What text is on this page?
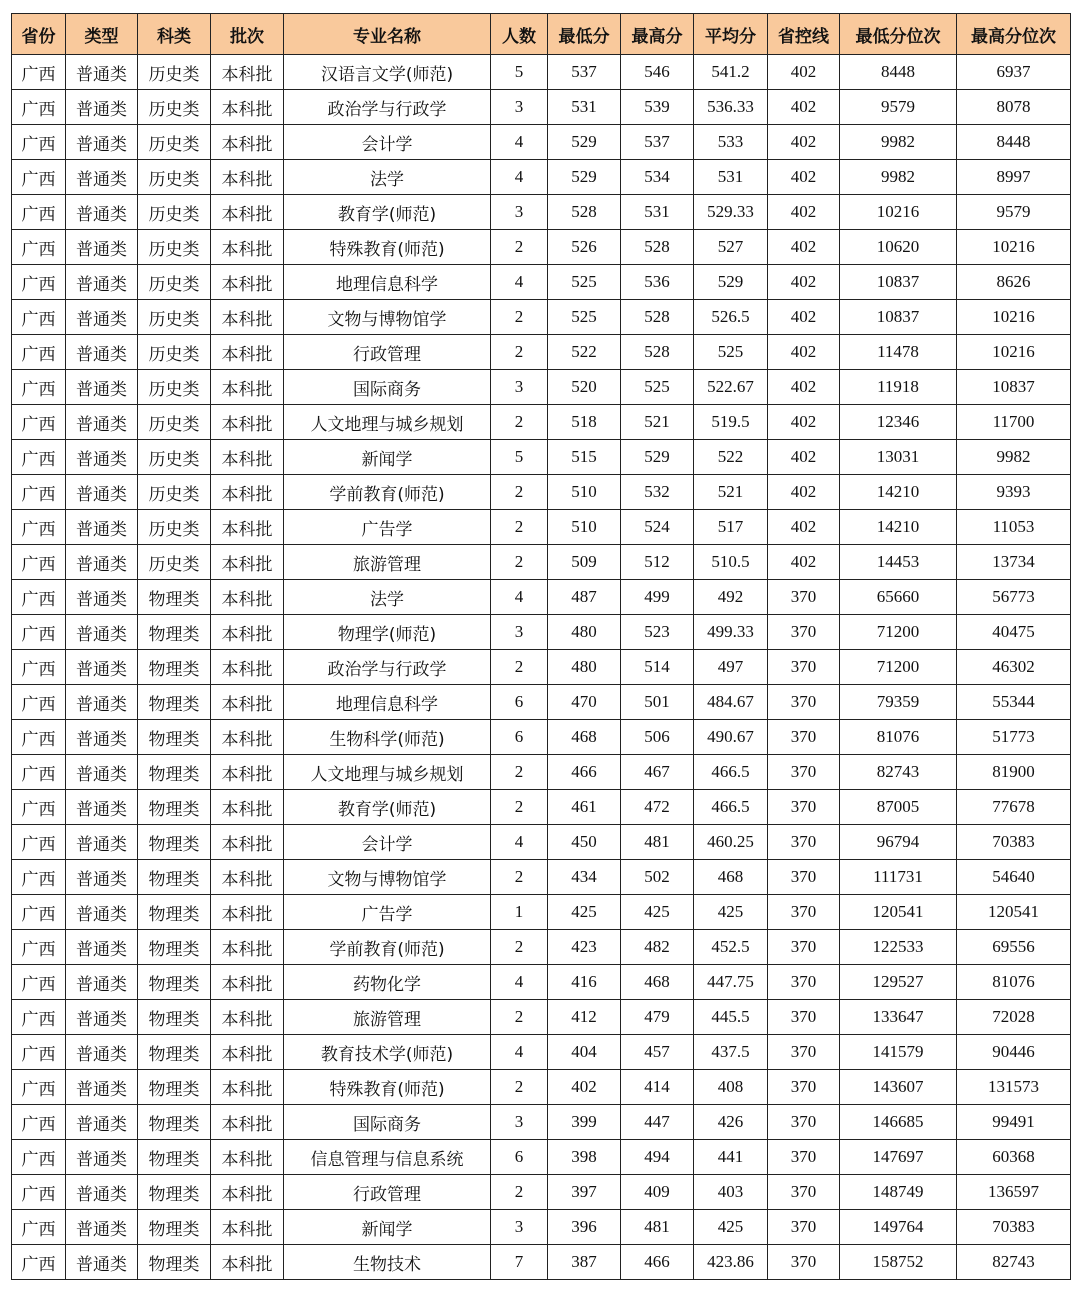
省份	类型	科类	批次	专业名称	人数	最低分	最高分	平均分	省控线	最低分位次	最高分位次
广西	普通类	历史类	本科批	汉语言文学(师范)	5	537	546	541.2	402	8448	6937
广西	普通类	历史类	本科批	政治学与行政学	3	531	539	536.33	402	9579	8078
广西	普通类	历史类	本科批	会计学	4	529	537	533	402	9982	8448
广西	普通类	历史类	本科批	法学	4	529	534	531	402	9982	8997
广西	普通类	历史类	本科批	教育学(师范)	3	528	531	529.33	402	10216	9579
广西	普通类	历史类	本科批	特殊教育(师范)	2	526	528	527	402	10620	10216
广西	普通类	历史类	本科批	地理信息科学	4	525	536	529	402	10837	8626
广西	普通类	历史类	本科批	文物与博物馆学	2	525	528	526.5	402	10837	10216
广西	普通类	历史类	本科批	行政管理	2	522	528	525	402	11478	10216
广西	普通类	历史类	本科批	国际商务	3	520	525	522.67	402	11918	10837
广西	普通类	历史类	本科批	人文地理与城乡规划	2	518	521	519.5	402	12346	11700
广西	普通类	历史类	本科批	新闻学	5	515	529	522	402	13031	9982
广西	普通类	历史类	本科批	学前教育(师范)	2	510	532	521	402	14210	9393
广西	普通类	历史类	本科批	广告学	2	510	524	517	402	14210	11053
广西	普通类	历史类	本科批	旅游管理	2	509	512	510.5	402	14453	13734
广西	普通类	物理类	本科批	法学	4	487	499	492	370	65660	56773
广西	普通类	物理类	本科批	物理学(师范)	3	480	523	499.33	370	71200	40475
广西	普通类	物理类	本科批	政治学与行政学	2	480	514	497	370	71200	46302
广西	普通类	物理类	本科批	地理信息科学	6	470	501	484.67	370	79359	55344
广西	普通类	物理类	本科批	生物科学(师范)	6	468	506	490.67	370	81076	51773
广西	普通类	物理类	本科批	人文地理与城乡规划	2	466	467	466.5	370	82743	81900
广西	普通类	物理类	本科批	教育学(师范)	2	461	472	466.5	370	87005	77678
广西	普通类	物理类	本科批	会计学	4	450	481	460.25	370	96794	70383
广西	普通类	物理类	本科批	文物与博物馆学	2	434	502	468	370	111731	54640
广西	普通类	物理类	本科批	广告学	1	425	425	425	370	120541	120541
广西	普通类	物理类	本科批	学前教育(师范)	2	423	482	452.5	370	122533	69556
广西	普通类	物理类	本科批	药物化学	4	416	468	447.75	370	129527	81076
广西	普通类	物理类	本科批	旅游管理	2	412	479	445.5	370	133647	72028
广西	普通类	物理类	本科批	教育技术学(师范)	4	404	457	437.5	370	141579	90446
广西	普通类	物理类	本科批	特殊教育(师范)	2	402	414	408	370	143607	131573
广西	普通类	物理类	本科批	国际商务	3	399	447	426	370	146685	99491
广西	普通类	物理类	本科批	信息管理与信息系统	6	398	494	441	370	147697	60368
广西	普通类	物理类	本科批	行政管理	2	397	409	403	370	148749	136597
广西	普通类	物理类	本科批	新闻学	3	396	481	425	370	149764	70383
广西	普通类	物理类	本科批	生物技术	7	387	466	423.86	370	158752	82743
